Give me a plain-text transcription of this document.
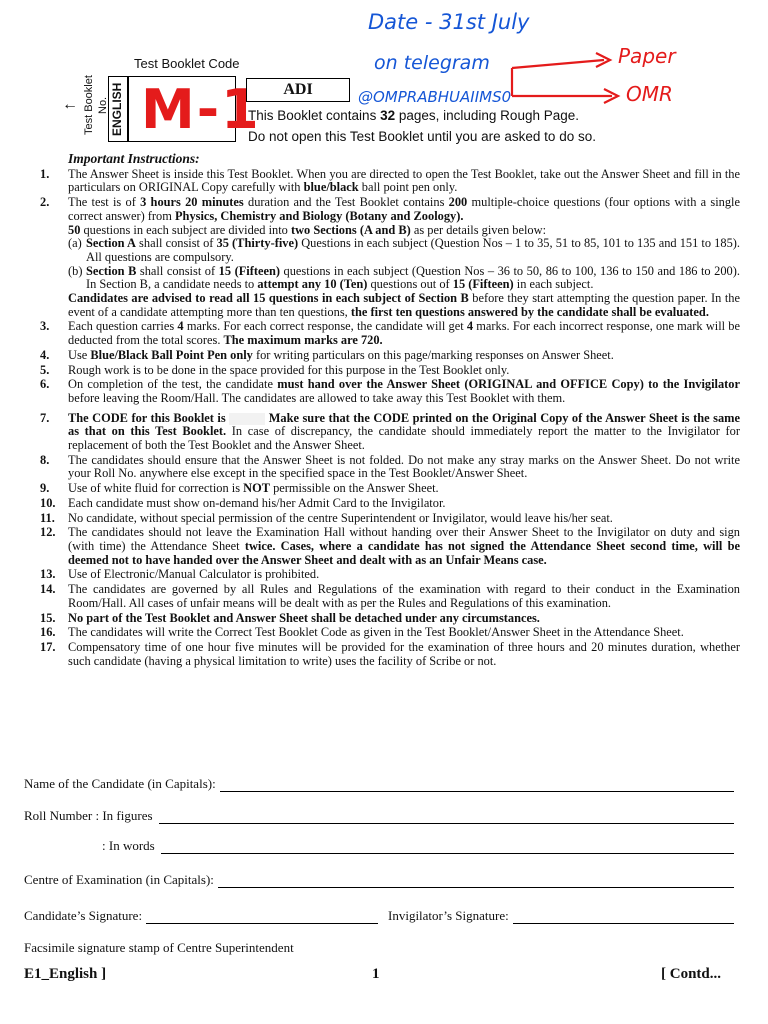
Test Booklet Code
← Test Booklet No. ENGLISH M-1	ADI
This Booklet contains 32 pages, including Rough Page.
Do not open this Test Booklet until you are asked to do so.
Date - 31st July
on telegram
@OMPRABHUAIIMS0
Paper
OMR
Important Instructions:
1.	The Answer Sheet is inside this Test Booklet. When you are directed to open the Test Booklet, take out the Answer Sheet and fill in the particulars on ORIGINAL Copy carefully with blue/black ball point pen only.
2.	The test is of 3 hours 20 minutes duration and the Test Booklet contains 200 multiple-choice questions (four options with a single correct answer) from Physics, Chemistry and Biology (Botany and Zoology).
50 questions in each subject are divided into two Sections (A and B) as per details given below:
(a) Section A shall consist of 35 (Thirty-five) Questions in each subject (Question Nos – 1 to 35, 51 to 85, 101 to 135 and 151 to 185). All questions are compulsory.
(b) Section B shall consist of 15 (Fifteen) questions in each subject (Question Nos – 36 to 50, 86 to 100, 136 to 150 and 186 to 200). In Section B, a candidate needs to attempt any 10 (Ten) questions out of 15 (Fifteen) in each subject.
Candidates are advised to read all 15 questions in each subject of Section B before they start attempting the question paper. In the event of a candidate attempting more than ten questions, the first ten questions answered by the candidate shall be evaluated.
3.	Each question carries 4 marks. For each correct response, the candidate will get 4 marks. For each incorrect response, one mark will be deducted from the total scores. The maximum marks are 720.
4.	Use Blue/Black Ball Point Pen only for writing particulars on this page/marking responses on Answer Sheet.
5.	Rough work is to be done in the space provided for this purpose in the Test Booklet only.
6.	On completion of the test, the candidate must hand over the Answer Sheet (ORIGINAL and OFFICE Copy) to the Invigilator before leaving the Room/Hall. The candidates are allowed to take away this Test Booklet with them.
7.	The CODE for this Booklet is	Make sure that the CODE printed on the Original Copy of the Answer Sheet is the same as that on this Test Booklet. In case of discrepancy, the candidate should immediately report the matter to the Invigilator for replacement of both the Test Booklet and the Answer Sheet.
8.	The candidates should ensure that the Answer Sheet is not folded. Do not make any stray marks on the Answer Sheet. Do not write your Roll No. anywhere else except in the specified space in the Test Booklet/Answer Sheet.
9.	Use of white fluid for correction is NOT permissible on the Answer Sheet.
10.	Each candidate must show on-demand his/her Admit Card to the Invigilator.
11.	No candidate, without special permission of the centre Superintendent or Invigilator, would leave his/her seat.
12.	The candidates should not leave the Examination Hall without handing over their Answer Sheet to the Invigilator on duty and sign (with time) the Attendance Sheet twice. Cases, where a candidate has not signed the Attendance Sheet second time, will be deemed not to have handed over the Answer Sheet and dealt with as an Unfair Means case.
13.	Use of Electronic/Manual Calculator is prohibited.
14.	The candidates are governed by all Rules and Regulations of the examination with regard to their conduct in the Examination Room/Hall. All cases of unfair means will be dealt with as per the Rules and Regulations of this examination.
15.	No part of the Test Booklet and Answer Sheet shall be detached under any circumstances.
16.	The candidates will write the Correct Test Booklet Code as given in the Test Booklet/Answer Sheet in the Attendance Sheet.
17.	Compensatory time of one hour five minutes will be provided for the examination of three hours and 20 minutes duration, whether such candidate (having a physical limitation to write) uses the facility of Scribe or not.
Name of the Candidate (in Capitals):
Roll Number : In figures
: In words
Centre of Examination (in Capitals):
Candidate’s Signature:	Invigilator’s Signature:
Facsimile signature stamp of Centre Superintendent
E1_English ]	1	[ Contd...
